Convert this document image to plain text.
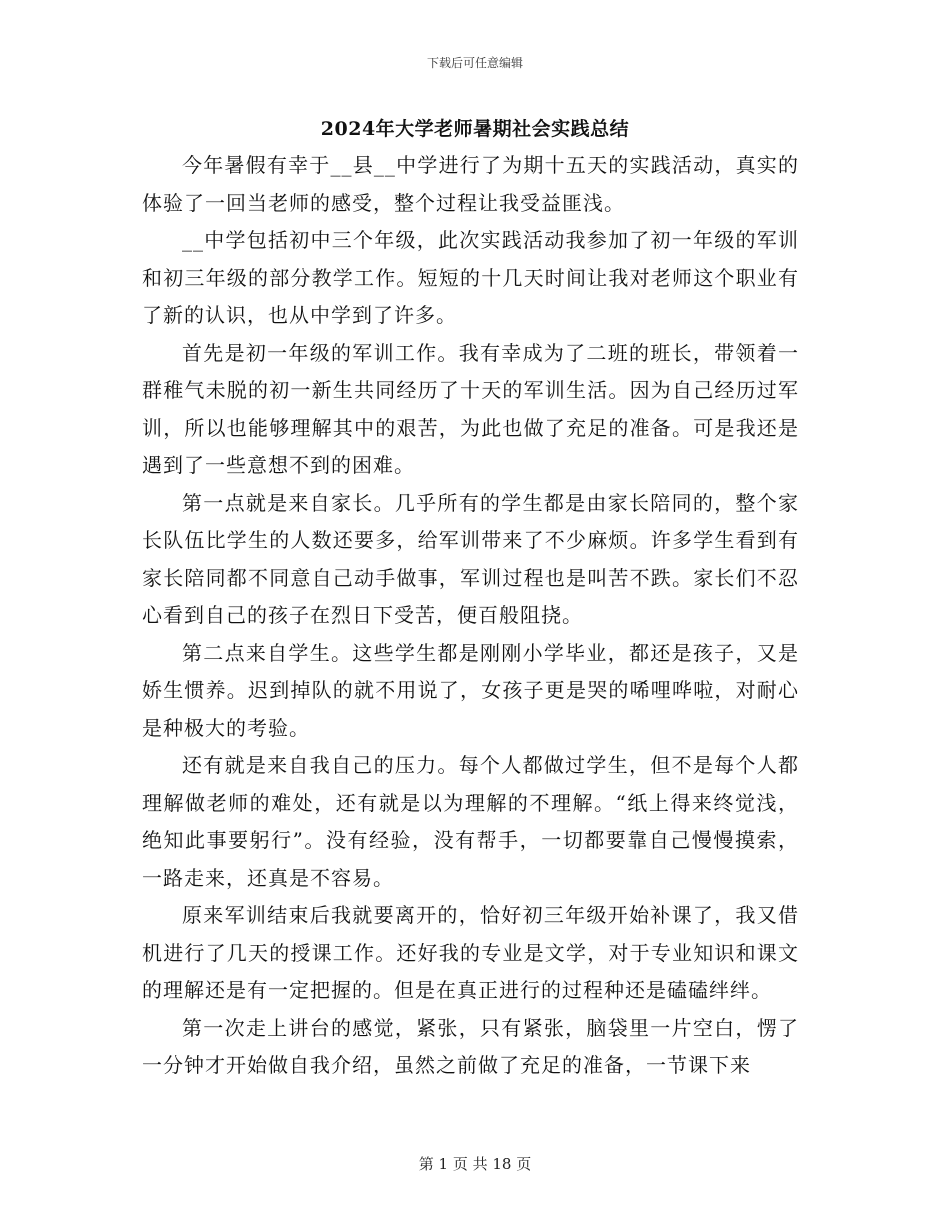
下载后可任意编辑
2024年大学老师暑期社会实践总结

今年暑假有幸于__县__中学进行了为期十五天的实践活动，真实的体验了一回当老师的感受，整个过程让我受益匪浅。

__中学包括初中三个年级，此次实践活动我参加了初一年级的军训和初三年级的部分教学工作。短短的十几天时间让我对老师这个职业有了新的认识，也从中学到了许多。

首先是初一年级的军训工作。我有幸成为了二班的班长，带领着一群稚气未脱的初一新生共同经历了十天的军训生活。因为自己经历过军训，所以也能够理解其中的艰苦，为此也做了充足的准备。可是我还是遇到了一些意想不到的困难。

第一点就是来自家长。几乎所有的学生都是由家长陪同的，整个家长队伍比学生的人数还要多，给军训带来了不少麻烦。许多学生看到有家长陪同都不同意自己动手做事，军训过程也是叫苦不跌。家长们不忍心看到自己的孩子在烈日下受苦，便百般阻挠。

第二点来自学生。这些学生都是刚刚小学毕业，都还是孩子，又是娇生惯养。迟到掉队的就不用说了，女孩子更是哭的唏哩哗啦，对耐心是种极大的考验。

还有就是来自我自己的压力。每个人都做过学生，但不是每个人都理解做老师的难处，还有就是以为理解的不理解。“纸上得来终觉浅，绝知此事要躬行”。没有经验，没有帮手，一切都要靠自己慢慢摸索，一路走来，还真是不容易。

原来军训结束后我就要离开的，恰好初三年级开始补课了，我又借机进行了几天的授课工作。还好我的专业是文学，对于专业知识和课文的理解还是有一定把握的。但是在真正进行的过程种还是磕磕绊绊。

第一次走上讲台的感觉，紧张，只有紧张，脑袋里一片空白，愣了一分钟才开始做自我介绍，虽然之前做了充足的准备，一节课下来

第 1 页 共 18 页
